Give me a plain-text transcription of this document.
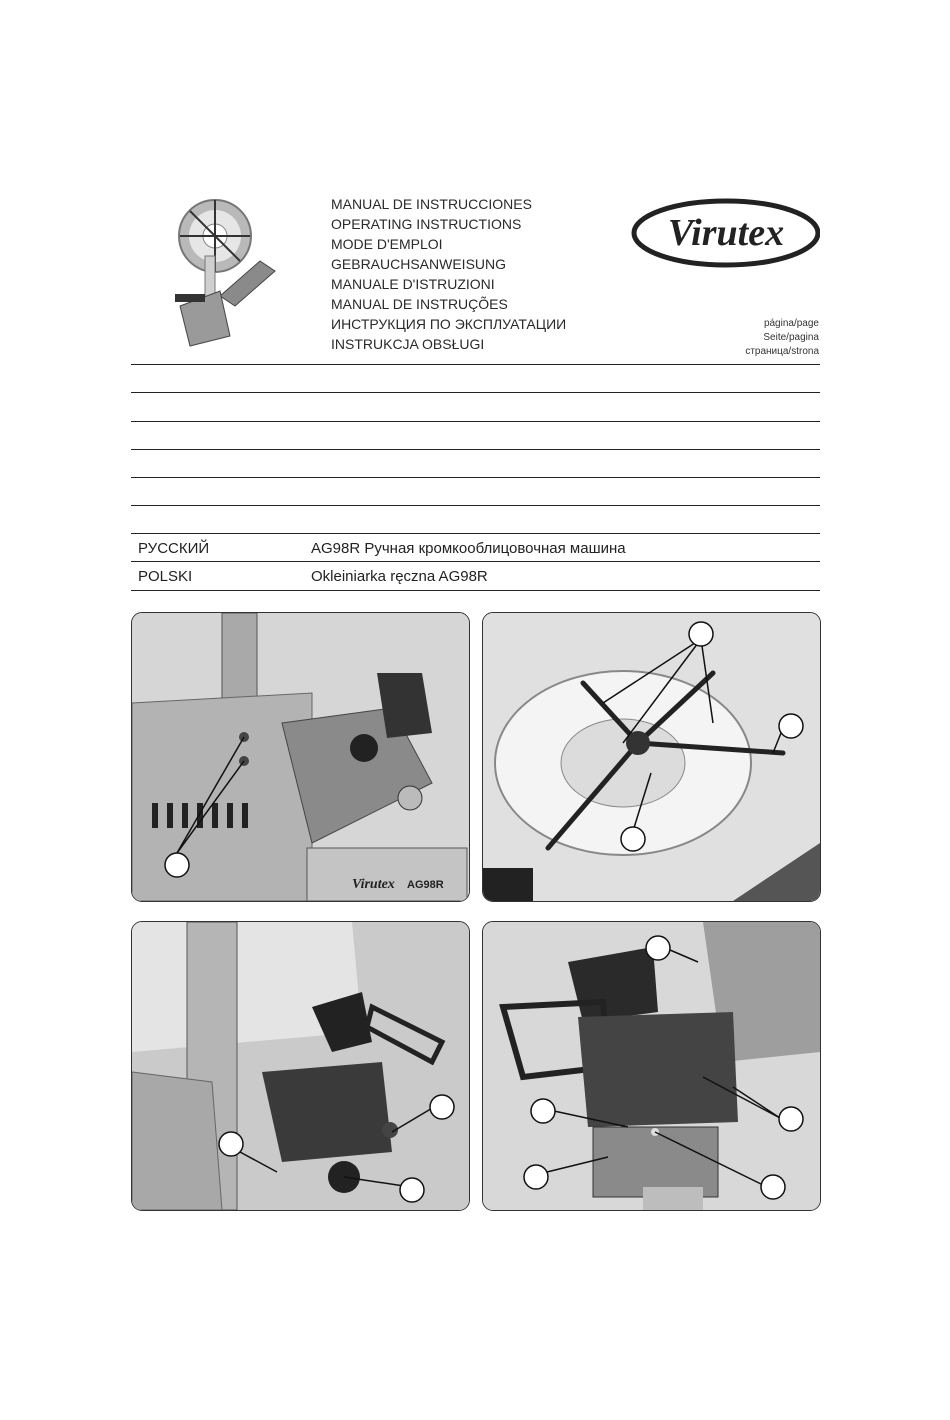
MANUAL DE INSTRUCCIONES
OPERATING INSTRUCTIONS
MODE D'EMPLOI
GEBRAUCHSANWEISUNG
MANUALE D'ISTRUZIONI
MANUAL DE INSTRUÇÕES
ИНСТРУКЦИЯ ПО ЭКСПЛУАТАЦИИ
INSTRUKCJA OBSŁUGI
Virutex
página/page
Seite/pagina
страница/strona
РУССКИЙ	AG98R Ручная кромкооблицовочная машина
POLSKI	Okleiniarka ręczna AG98R
Virutex AG98R
